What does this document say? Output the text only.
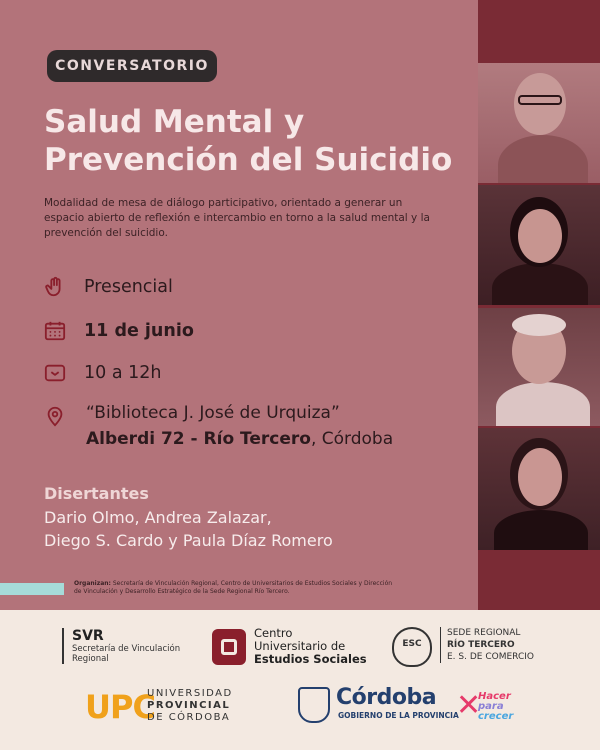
CONVERSATORIO
Salud Mental y
Prevención del Suicidio
Modalidad de mesa de diálogo participativo, orientado a generar un espacio abierto de reflexión e intercambio en torno a la salud mental y la prevención del suicidio.
Presencial
11 de junio
10 a 12h
“Biblioteca J. José de Urquiza”
Alberdi 72 - Río Tercero, Córdoba
Disertantes
Dario Olmo, Andrea Zalazar,
Diego S. Cardo y Paula Díaz Romero
Organizan: Secretaría de Vinculación Regional, Centro de Universitarios de Estudios Sociales y Dirección de Vinculación y Desarrollo Estratégico de la Sede Regional Río Tercero.
SVR
Secretaría de Vinculación
Regional
Centro
Universitario de
Estudios Sociales
ESC
SEDE REGIONAL
RÍO TERCERO
E. S. DE COMERCIO
UPC
UNIVERSIDAD
PROVINCIAL
DE CÓRDOBA
Córdoba
GOBIERNO DE LA PROVINCIA
✕
Hacer
para
crecer
